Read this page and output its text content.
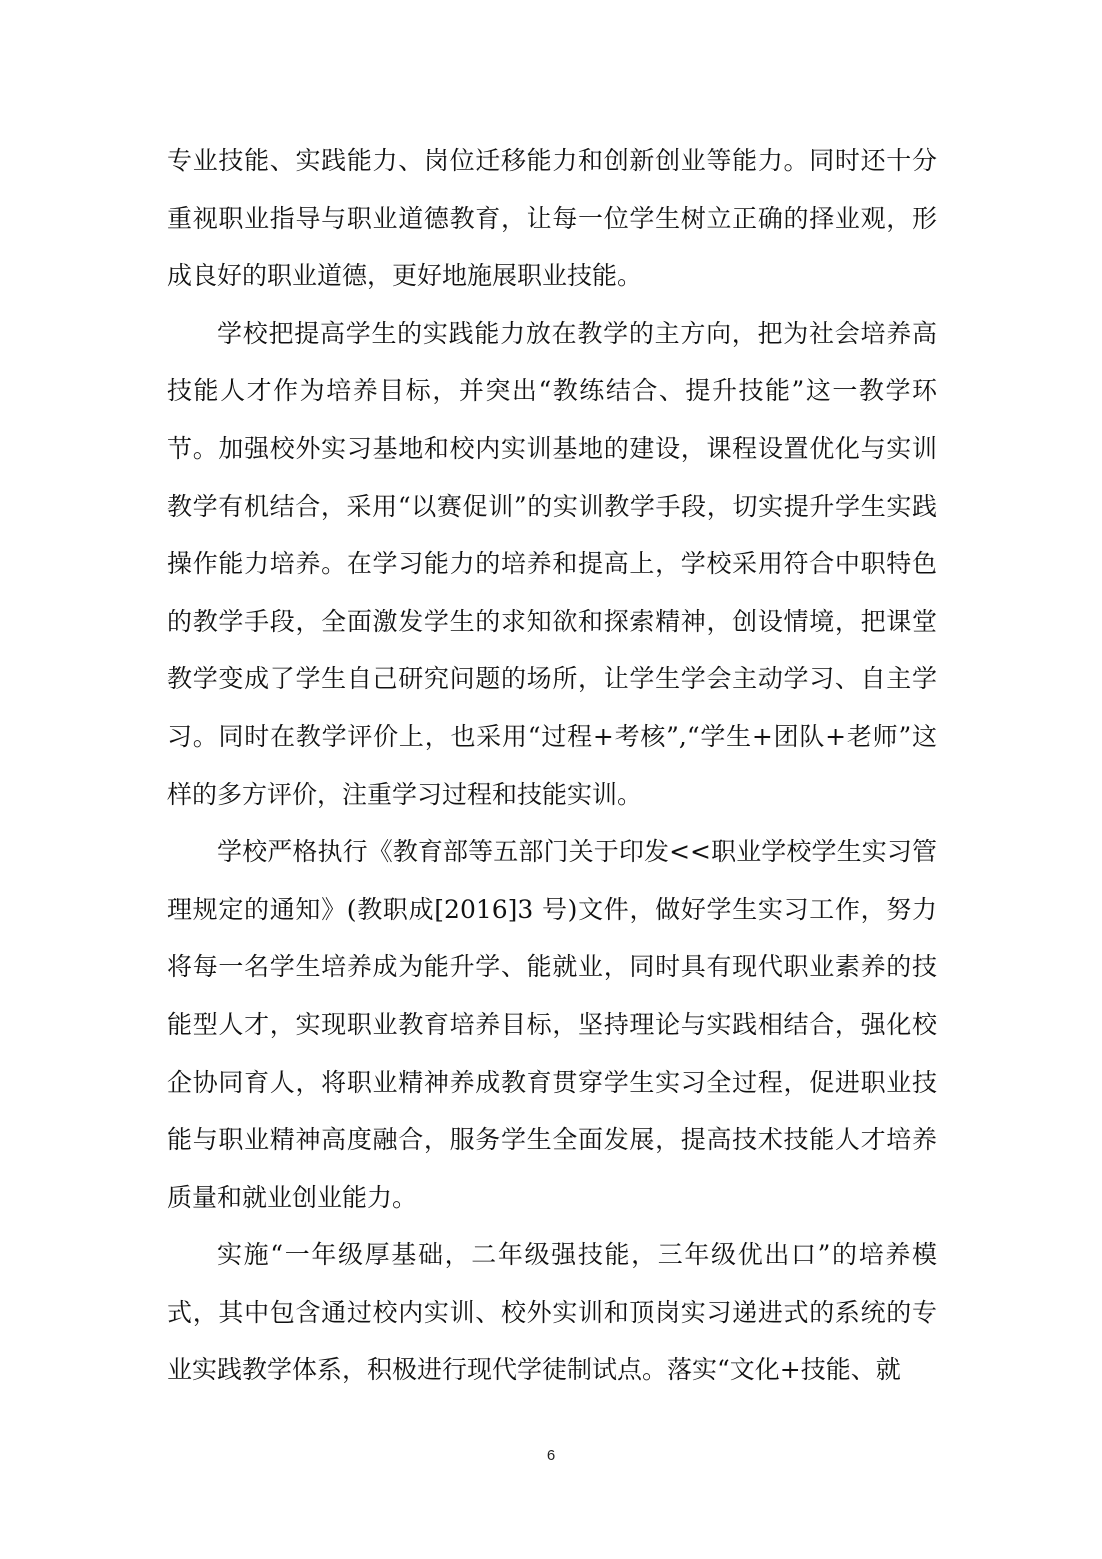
专业技能、实践能力、岗位迁移能力和创新创业等能力。同时还十分重视职业指导与职业道德教育，让每一位学生树立正确的择业观，形成良好的职业道德，更好地施展职业技能。

学校把提高学生的实践能力放在教学的主方向，把为社会培养高技能人才作为培养目标，并突出“教练结合、提升技能”这一教学环节。加强校外实习基地和校内实训基地的建设，课程设置优化与实训教学有机结合，采用“以赛促训”的实训教学手段，切实提升学生实践操作能力培养。在学习能力的培养和提高上，学校采用符合中职特色的教学手段，全面激发学生的求知欲和探索精神，创设情境，把课堂教学变成了学生自己研究问题的场所，让学生学会主动学习、自主学习。同时在教学评价上，也采用“过程+考核”,“学生+团队+老师”这样的多方评价，注重学习过程和技能实训。

学校严格执行《教育部等五部门关于印发<<职业学校学生实习管理规定的通知》(教职成[2016]3 号)文件，做好学生实习工作，努力将每一名学生培养成为能升学、能就业，同时具有现代职业素养的技能型人才，实现职业教育培养目标，坚持理论与实践相结合，强化校企协同育人，将职业精神养成教育贯穿学生实习全过程，促进职业技能与职业精神高度融合，服务学生全面发展，提高技术技能人才培养质量和就业创业能力。

实施“一年级厚基础，二年级强技能，三年级优出口”的培养模式，其中包含通过校内实训、校外实训和顶岗实习递进式的系统的专业实践教学体系，积极进行现代学徒制试点。落实“文化+技能、就

6
